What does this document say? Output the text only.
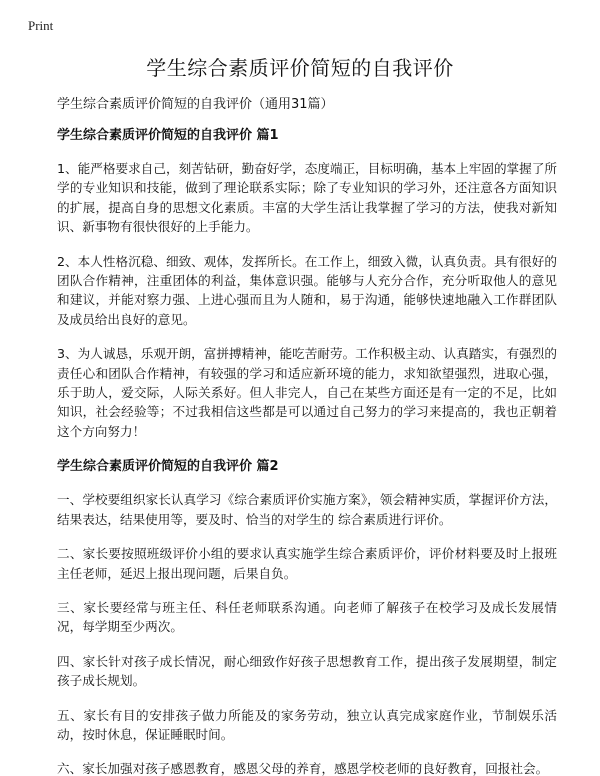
Print
学生综合素质评价简短的自我评价

学生综合素质评价简短的自我评价（通用31篇）

学生综合素质评价简短的自我评价 篇1

1、能严格要求自己，刻苦钻研，勤奋好学，态度端正，目标明确，基本上牢固的掌握了所学的专业知识和技能，做到了理论联系实际；除了专业知识的学习外，还注意各方面知识的扩展，提高自身的思想文化素质。丰富的大学生活让我掌握了学习的方法，使我对新知识、新事物有很快很好的上手能力。

2、本人性格沉稳、细致、观体，发挥所长。在工作上，细致入微，认真负责。具有很好的团队合作精神，注重团体的利益，集体意识强。能够与人充分合作，充分听取他人的意见和建议，并能对察力强、上进心强而且为人随和，易于沟通，能够快速地融入工作群团队及成员给出良好的意见。

3、为人诚恳，乐观开朗，富拼搏精神，能吃苦耐劳。工作积极主动、认真踏实，有强烈的责任心和团队合作精神，有较强的学习和适应新环境的能力，求知欲望强烈，进取心强，乐于助人，爱交际，人际关系好。但人非完人，自己在某些方面还是有一定的不足，比如知识，社会经验等；不过我相信这些都是可以通过自己努力的学习来提高的，我也正朝着这个方向努力！

学生综合素质评价简短的自我评价 篇2

一、学校要组织家长认真学习《综合素质评价实施方案》，领会精神实质，掌握评价方法，结果表达，结果使用等，要及时、恰当的对学生的 综合素质进行评价。

二、家长要按照班级评价小组的要求认真实施学生综合素质评价，评价材料要及时上报班主任老师，延迟上报出现问题，后果自负。

三、家长要经常与班主任、科任老师联系沟通。向老师了解孩子在校学习及成长发展情况，每学期至少两次。

四、家长针对孩子成长情况，耐心细致作好孩子思想教育工作，提出孩子发展期望，制定孩子成长规划。

五、家长有目的安排孩子做力所能及的家务劳动，独立认真完成家庭作业，节制娱乐活动，按时休息，保证睡眠时间。

六、家长加强对孩子感恩教育，感恩父母的养育，感恩学校老师的良好教育，回报社会。
